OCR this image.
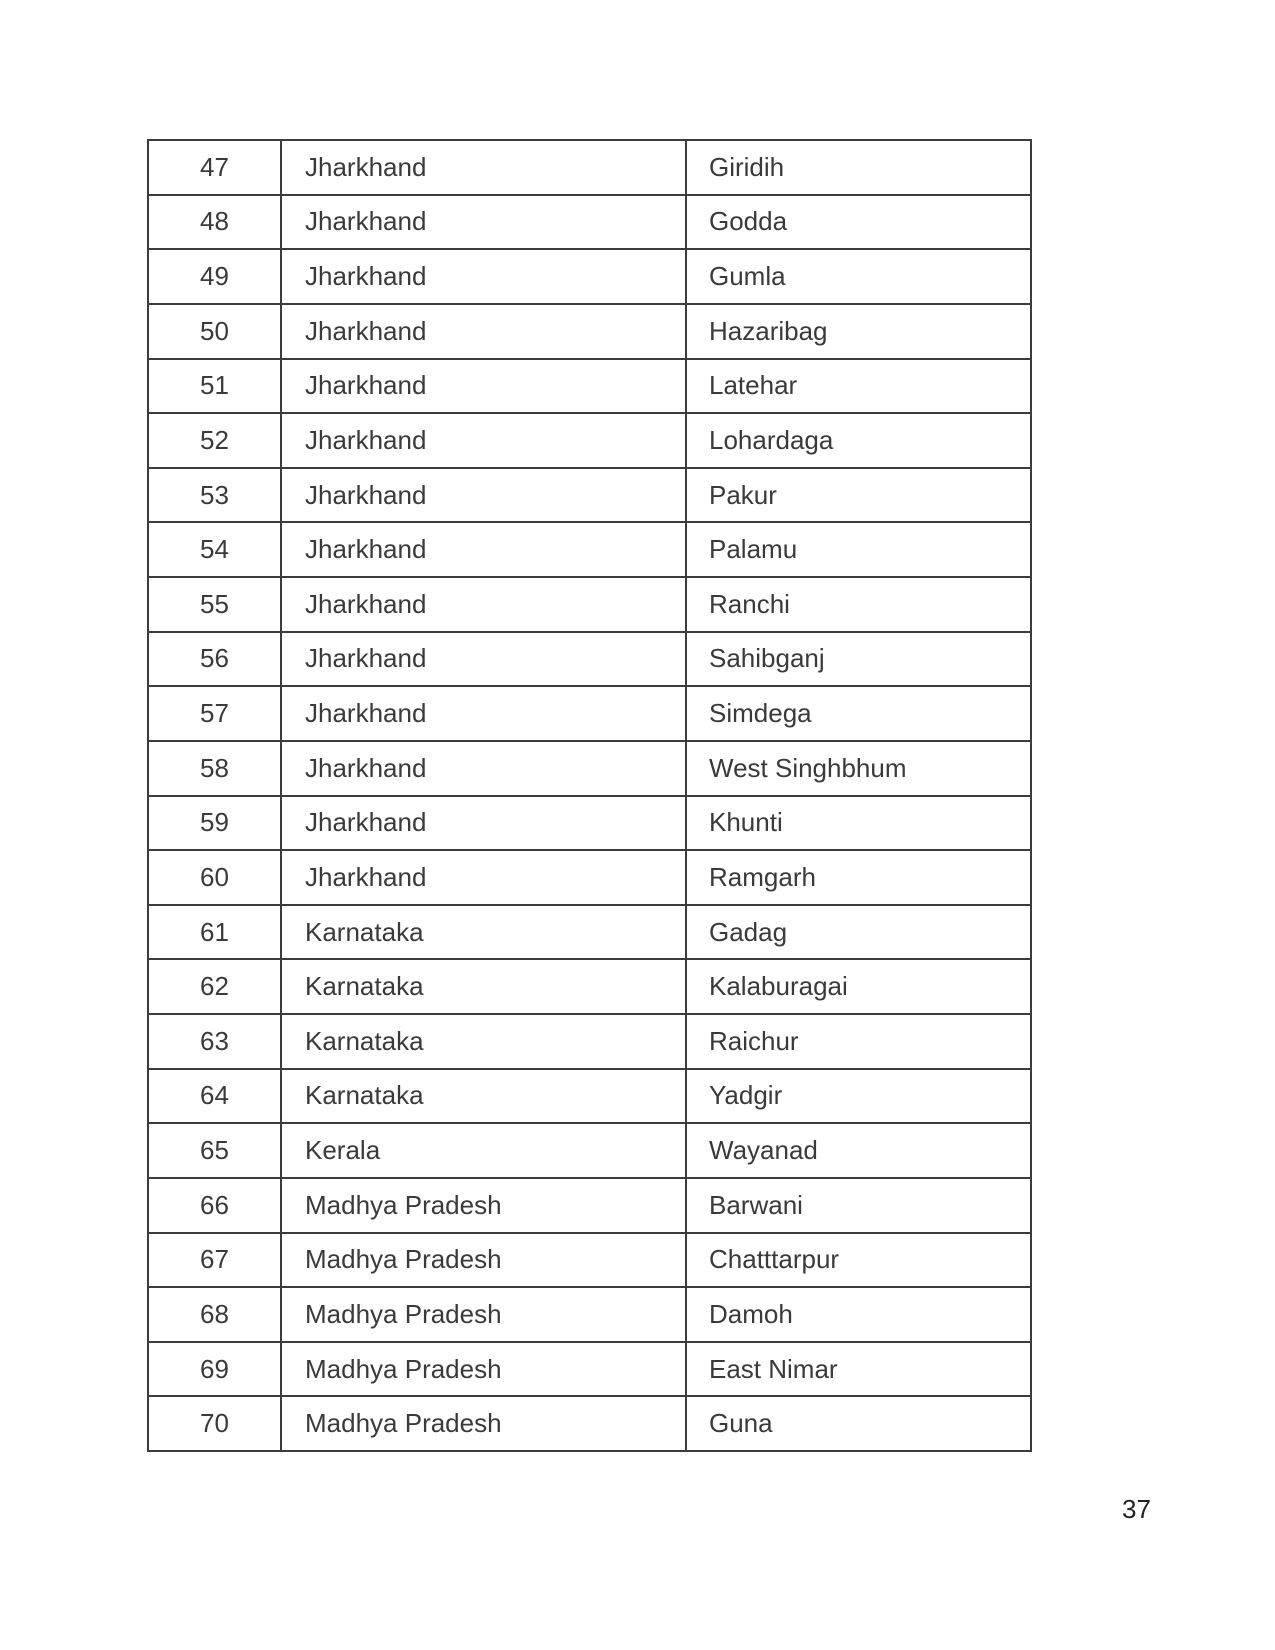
47	Jharkhand	Giridih
48	Jharkhand	Godda
49	Jharkhand	Gumla
50	Jharkhand	Hazaribag
51	Jharkhand	Latehar
52	Jharkhand	Lohardaga
53	Jharkhand	Pakur
54	Jharkhand	Palamu
55	Jharkhand	Ranchi
56	Jharkhand	Sahibganj
57	Jharkhand	Simdega
58	Jharkhand	West Singhbhum
59	Jharkhand	Khunti
60	Jharkhand	Ramgarh
61	Karnataka	Gadag
62	Karnataka	Kalaburagai
63	Karnataka	Raichur
64	Karnataka	Yadgir
65	Kerala	Wayanad
66	Madhya Pradesh	Barwani
67	Madhya Pradesh	Chatttarpur
68	Madhya Pradesh	Damoh
69	Madhya Pradesh	East Nimar
70	Madhya Pradesh	Guna
37
